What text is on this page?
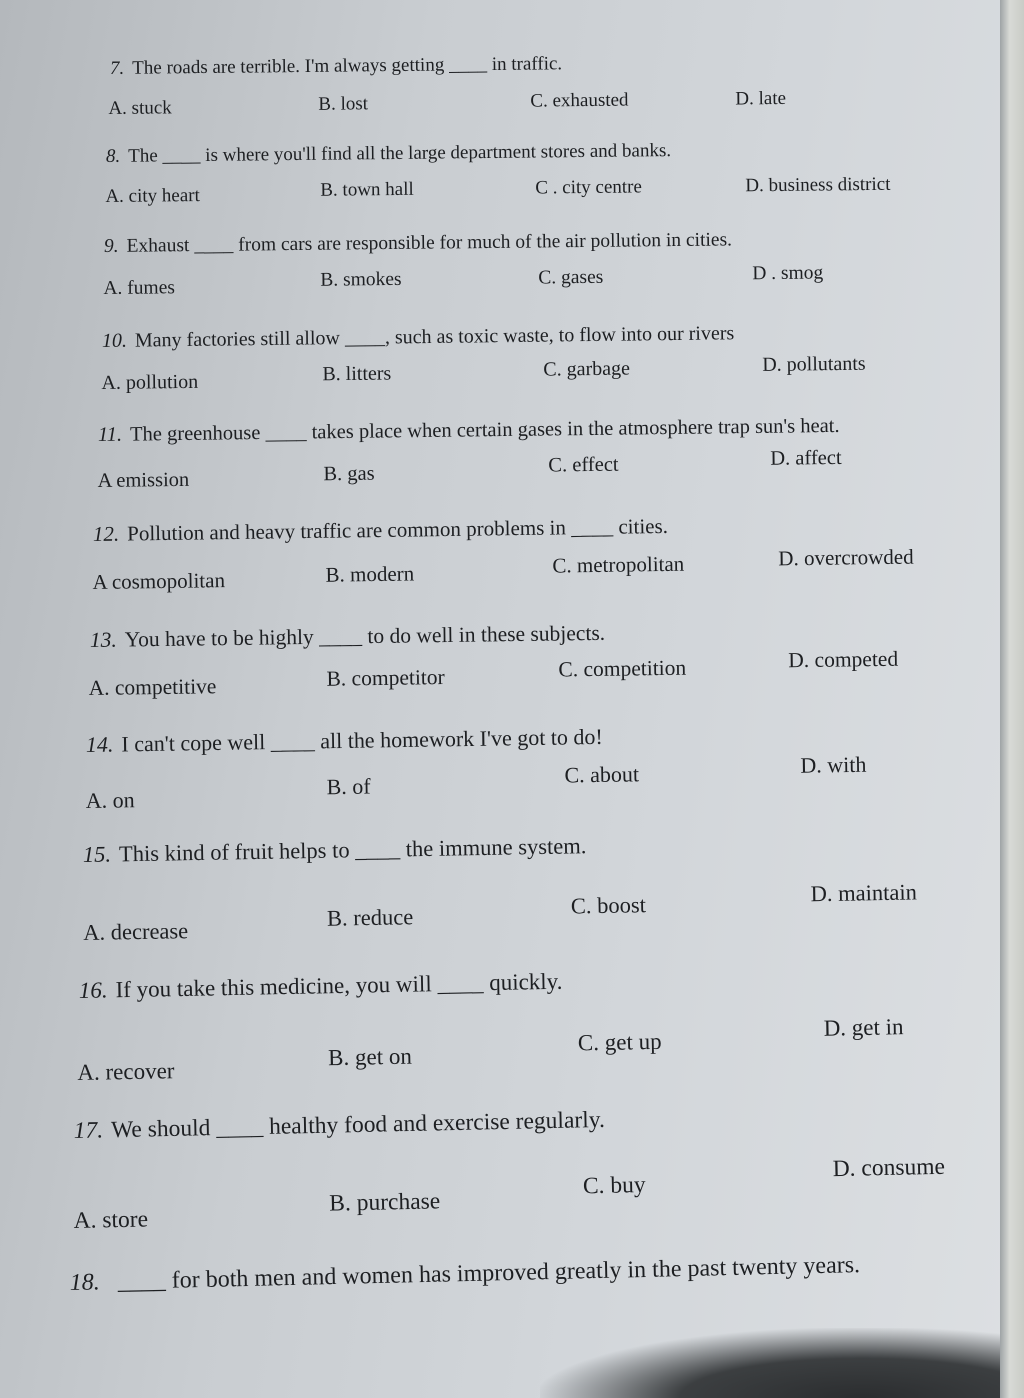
7. The roads are terrible. I'm always getting ____ in traffic.
A. stuck	B. lost	C. exhausted	D. late
8. The ____ is where you'll find all the large department stores and banks.
A. city heart	B. town hall	C . city centre	D. business district
9. Exhaust ____ from cars are responsible for much of the air pollution in cities.
A. fumes	B. smokes	C. gases	D . smog
10. Many factories still allow ____, such as toxic waste, to flow into our rivers
A. pollution	B. litters	C. garbage	D. pollutants
11. The greenhouse ____ takes place when certain gases in the atmosphere trap sun's heat.
A emission	B. gas	C. effect	D. affect
12. Pollution and heavy traffic are common problems in ____ cities.
A cosmopolitan	B. modern	C. metropolitan	D. overcrowded
13. You have to be highly ____ to do well in these subjects.
A. competitive	B. competitor	C. competition	D. competed
14. I can't cope well ____ all the homework I've got to do!
A. on
B. of	C. about	D. with
15. This kind of fruit helps to ____ the immune system.
A. decrease
B. reduce	C. boost	D. maintain
16. If you take this medicine, you will ____ quickly.
A. recover
B. get on
C. get up
D. get in
17. We should ____ healthy food and exercise regularly.
A. store
B. purchase
C. buy
D. consume
18. ____ for both men and women has improved greatly in the past twenty years.
